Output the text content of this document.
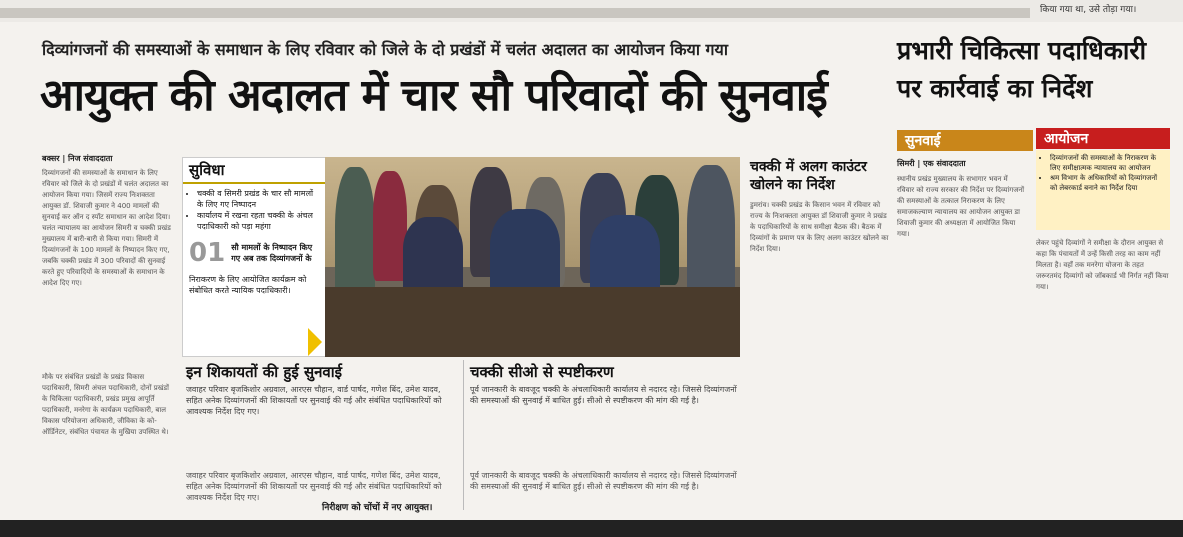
किया गया था, उसे तोड़ा गया।
दिव्यांगजनों की समस्याओं के समाधान के लिए रविवार को जिले के दो प्रखंडों में चलंत अदालत का आयोजन किया गया
आयुक्त की अदालत में चार सौ परिवादों की सुनवाई
बक्सर | निज संवाददाता
दिव्यांगजनों की समस्याओं के समाधान के लिए रविवार को जिले के दो प्रखंडों में चलंत अदालत का आयोजन किया गया। जिसमें राज्य निःशक्तता आयुक्त डॉ. शिवाजी कुमार ने 400 मामलों की सुनवाई कर ऑन द स्पॉट समाधान का आदेश दिया। चलंत न्यायालय का आयोजन सिमरी व चक्की प्रखंड मुख्यालय में बारी-बारी से किया गया। सिमरी में दिव्यांगजनों के 100 मामलों के निष्पादन किए गए, जबकि चक्की प्रखंड में 300 परिवादों की सुनवाई करते हुए परिवादियों के समस्याओं के समाधान के आदेश दिए गए।
मौके पर संबंधित प्रखंडों के प्रखंड विकास पदाधिकारी, सिमरी अंचल पदाधिकारी, दोनों प्रखंडों के चिकित्सा पदाधिकारी, प्रखंड प्रमुख आपूर्ति पदाधिकारी, मनरेगा के कार्यक्रम पदाधिकारी, बाल विकास परियोजना अधिकारी, जीविका के को-ऑर्डिनेटर, संबंधित पंचायत के मुखिया उपस्थित थे।
सुविधा
• चक्की व सिमरी प्रखंड के चार सौ मामलों के लिए गए निष्पादन
• कार्यालय में रखना रहता चक्की के अंचल पदाधिकारी को पड़ा महंगा
01 सौ मामलों के निष्पादन किए गए अब तक दिव्यांगजनों के
निराकरण के लिए आयोजित कार्यक्रम को संबोधित करते न्यायिक पदाधिकारी।
इन शिकायतों की हुई सुनवाई
जवाहर परिवार बृजकिशोर अग्रवाल, आरएस चौहान, वार्ड पार्षद, गणेश बिंद, उमेश यादव, सहित अनेक दिव्यांगजनों की शिकायतों पर सुनवाई की गई और संबंधित पदाधिकारियों को आवश्यक निर्देश दिए गए।
चक्की सीओ से स्पष्टीकरण
पूर्व जानकारी के बावजूद चक्की के अंचलाधिकारी कार्यालय से नदारद रहे। जिससे दिव्यांगजनों की समस्याओं की सुनवाई में बाधित हुई। सीओ से स्पष्टीकरण की मांग की गई है।
जवाहर परिवार बृजकिशोर अग्रवाल, आरएस चौहान, वार्ड पार्षद, गणेश बिंद, उमेश यादव, सहित अनेक दिव्यांगजनों की शिकायतों पर सुनवाई की गई और संबंधित पदाधिकारियों को आवश्यक निर्देश दिए गए।
पूर्व जानकारी के बावजूद चक्की के अंचलाधिकारी कार्यालय से नदारद रहे। जिससे दिव्यांगजनों की समस्याओं की सुनवाई में बाधित हुई। सीओ से स्पष्टीकरण की मांग की गई है।
निरीक्षण को चोंचों में नए आयुक्त।
चक्की में अलग काउंटर खोलने का निर्देश
डुमरांव। चक्की प्रखंड के किसान भवन में रविवार को राज्य के निःशक्तता आयुक्त डॉ शिवाजी कुमार ने प्रखंड के पदाधिकारियों के साथ समीक्षा बैठक की। बैठक में दिव्यांगों के प्रमाण पत्र के लिए अलग काउंटर खोलने का निर्देश दिया।
प्रभारी चिकित्सा पदाधिकारी पर कार्रवाई का निर्देश
सुनवाई
सिमरी | एक संवाददाता
स्थानीय प्रखंड मुख्यालय के सभागार भवन में रविवार को राज्य सरकार की निर्देश पर दिव्यांगजनों की समस्याओं के तत्काल निराकरण के लिए समाजकल्याण न्यायालय का आयोजन आयुक्त डा शिवाजी कुमार की अध्यक्षता में आयोजित किया गया।
आयोजन
• दिव्यांगजनों की समस्याओं के निराकरण के लिए समीक्षात्मक न्यायालय का आयोजन
• श्रम विभाग के अधिकारियों को दिव्यांगजनों को लेबरकार्ड बनाने का निर्देश दिया
लेकर पहुंचे दिव्यांगों ने समीक्षा के दौरान आयुक्त से कहा कि पंचायतों में उन्हें किसी तरह का काम नहीं मिलता है। वहाँ तक मनरेगा योजना के तहत जरूरतमंद दिव्यांगों को जॉबकार्ड भी निर्गत नहीं किया गया।
